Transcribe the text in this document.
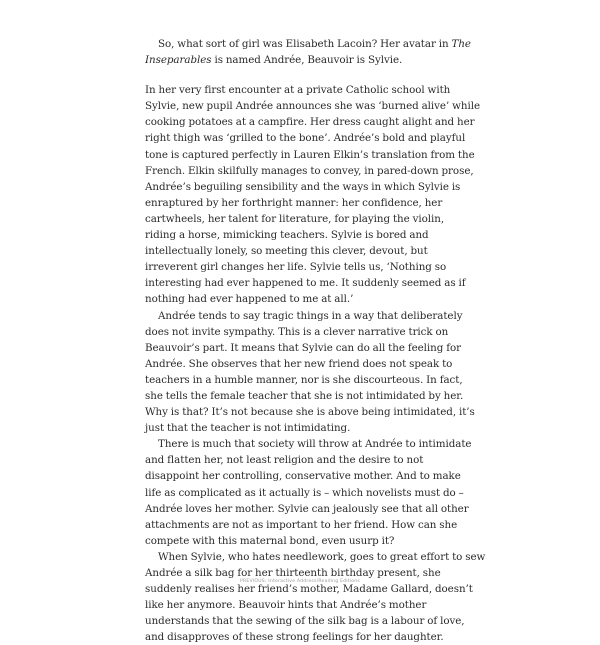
So, what sort of girl was Elisabeth Lacoin? Her avatar in The
Inseparables is named Andrée, Beauvoir is Sylvie.
In her very first encounter at a private Catholic school with
Sylvie, new pupil Andrée announces she was ‘burned alive’ while
cooking potatoes at a campfire. Her dress caught alight and her
right thigh was ‘grilled to the bone’. Andrée’s bold and playful
tone is captured perfectly in Lauren Elkin’s translation from the
French. Elkin skilfully manages to convey, in pared-down prose,
Andrée’s beguiling sensibility and the ways in which Sylvie is
enraptured by her forthright manner: her confidence, her
cartwheels, her talent for literature, for playing the violin,
riding a horse, mimicking teachers. Sylvie is bored and
intellectually lonely, so meeting this clever, devout, but
irreverent girl changes her life. Sylvie tells us, ‘Nothing so
interesting had ever happened to me. It suddenly seemed as if
nothing had ever happened to me at all.’
Andrée tends to say tragic things in a way that deliberately
does not invite sympathy. This is a clever narrative trick on
Beauvoir’s part. It means that Sylvie can do all the feeling for
Andrée. She observes that her new friend does not speak to
teachers in a humble manner, nor is she discourteous. In fact,
she tells the female teacher that she is not intimidated by her.
Why is that? It’s not because she is above being intimidated, it’s
just that the teacher is not intimidating.
There is much that society will throw at Andrée to intimidate
and flatten her, not least religion and the desire to not
disappoint her controlling, conservative mother. And to make
life as complicated as it actually is – which novelists must do –
Andrée loves her mother. Sylvie can jealously see that all other
attachments are not as important to her friend. How can she
compete with this maternal bond, even usurp it?
When Sylvie, who hates needlework, goes to great effort to sew
Andrée a silk bag for her thirteenth birthday present, she
suddenly realises her friend’s mother, Madame Gallard, doesn’t
like her anymore. Beauvoir hints that Andrée’s mother
understands that the sewing of the silk bag is a labour of love,
and disapproves of these strong feelings for her daughter.
PREVIOUS: Interactive Address/Reading Editions
